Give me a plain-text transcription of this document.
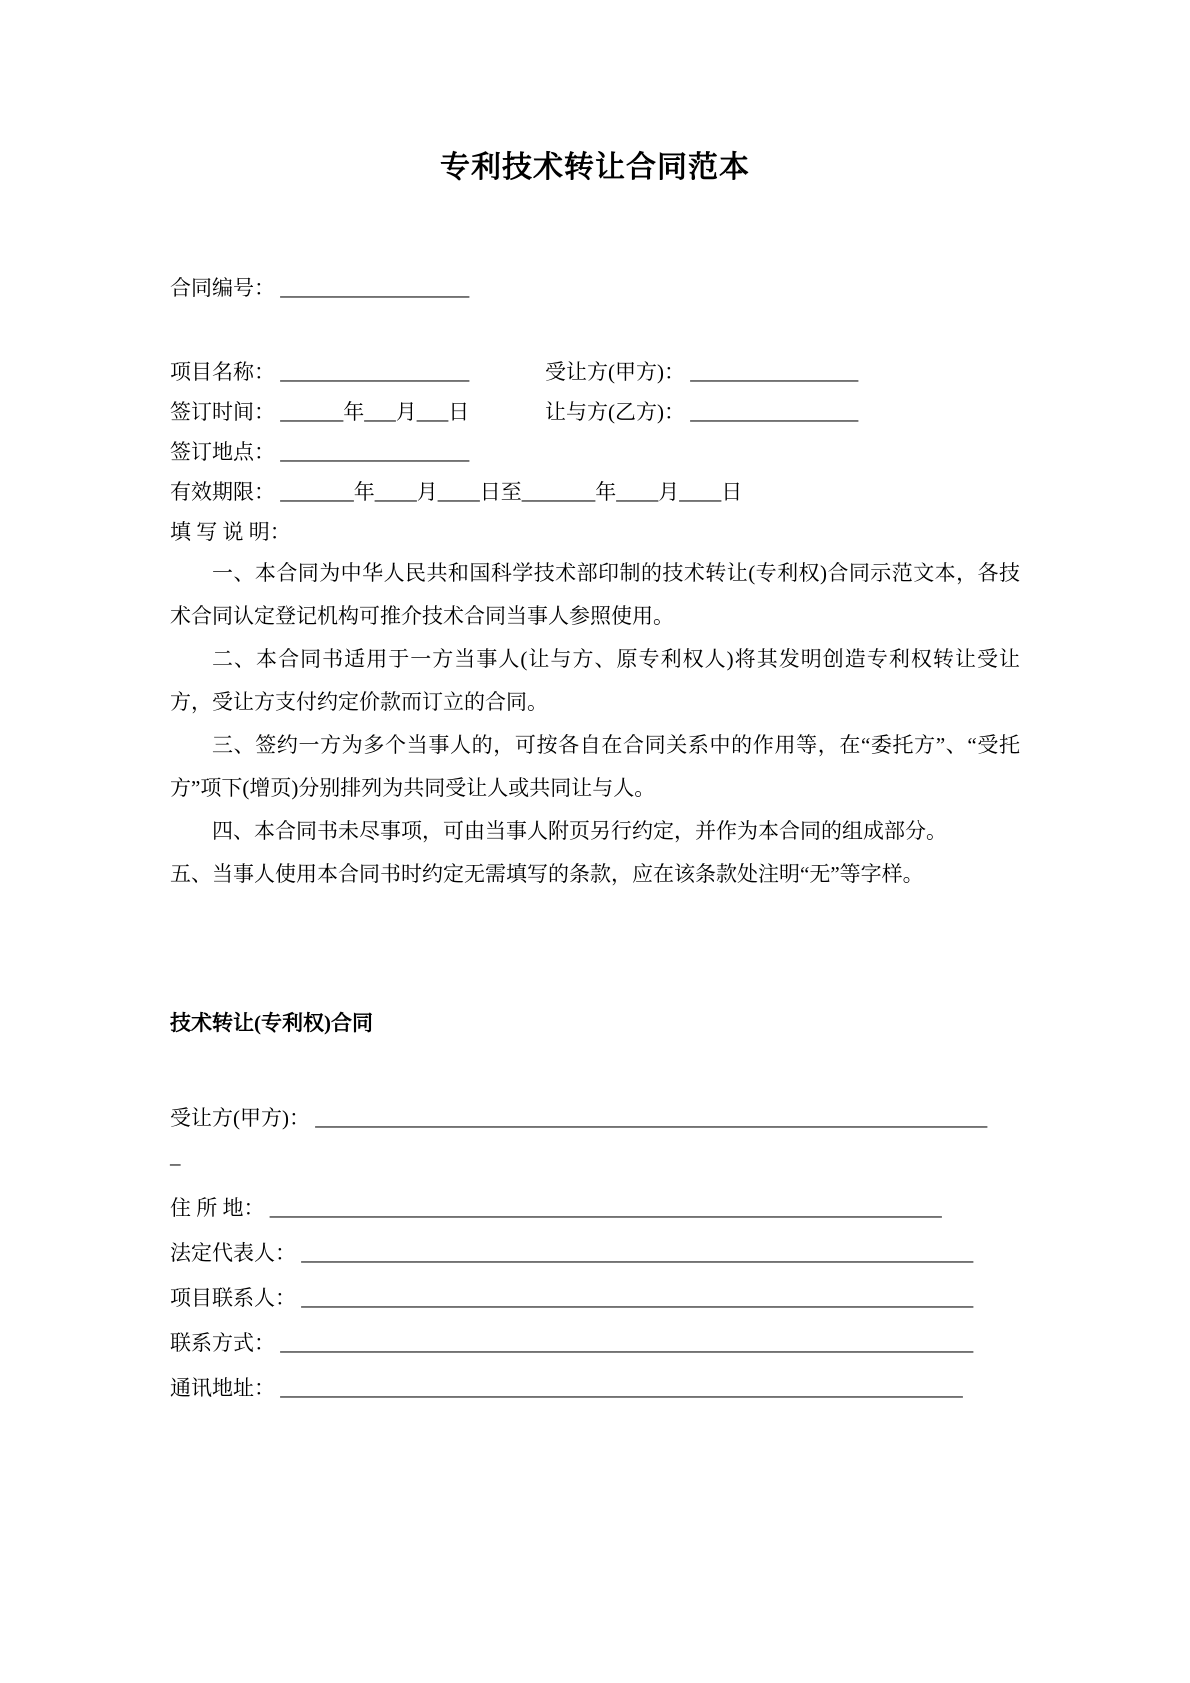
专利技术转让合同范本
合同编号： __________________
项目名称： __________________	受让方(甲方)： ________________
签订时间： ______年___月___日	让与方(乙方)： ________________
签订地点： __________________
有效期限： _______年____月____日至_______年____月____日
填 写 说 明：

一、本合同为中华人民共和国科学技术部印制的技术转让(专利权)合同示范文本，各技术合同认定登记机构可推介技术合同当事人参照使用。

二、本合同书适用于一方当事人(让与方、原专利权人)将其发明创造专利权转让受让方，受让方支付约定价款而订立的合同。

三、签约一方为多个当事人的，可按各自在合同关系中的作用等，在“委托方”、“受托方”项下(增页)分别排列为共同受让人或共同让与人。

四、本合同书未尽事项，可由当事人附页另行约定，并作为本合同的组成部分。

五、当事人使用本合同书时约定无需填写的条款，应在该条款处注明“无”等字样。

技术转让(专利权)合同
受让方(甲方)： ________________________________________________________________
–
住 所 地： ________________________________________________________________
法定代表人： ________________________________________________________________
项目联系人： ________________________________________________________________
联系方式： __________________________________________________________________
通讯地址： _________________________________________________________________
